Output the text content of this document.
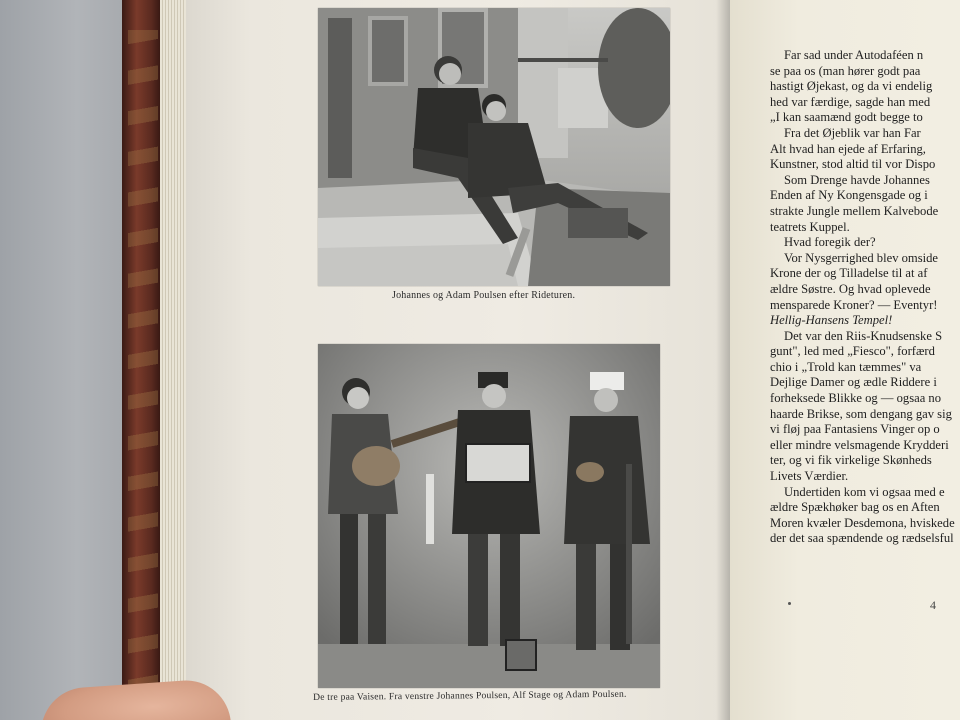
Johannes og Adam Poulsen efter Rideturen.
De tre paa Vaisen. Fra venstre Johannes Poulsen, Alf Stage og Adam Poulsen.
Far sad under Autodaféen n
se paa os (man hører godt paa
hastigt Øjekast, og da vi endelig
hed var færdige, sagde han med
„I kan saamænd godt begge to
Fra det Øjeblik var han Far
Alt hvad han ejede af Erfaring,
Kunstner, stod altid til vor Dispo
Som Drenge havde Johannes
Enden af Ny Kongensgade og i
strakte Jungle mellem Kalvebodе
teatrets Kuppel.
Hvad foregik der?
Vor Nysgerrighed blev omside
Krone der og Tilladelse til at af
ældre Søstre. Og hvad oplevede
mensparede Kroner? — Eventyr!
Hellig-Hansens Tempel!
Det var den Riis-Knudsenske S
gunt", led med „Fiesco", forfærd
chio i „Trold kan tæmmes" va
Dejlige Damer og ædle Riddere i
forheksede Blikke og — ogsaa no
haarde Brikse, som dengang gav sig
vi fløj paa Fantasiens Vinger op o
eller mindre velsmagende Krydderi
ter, og vi fik virkelige Skønheds
Livets Værdier.
Undertiden kom vi ogsaa med e
ældre Spækhøker bag os en Aften
Moren kvæler Desdemona, hviskede
der det saa spændende og rædselsful
4
